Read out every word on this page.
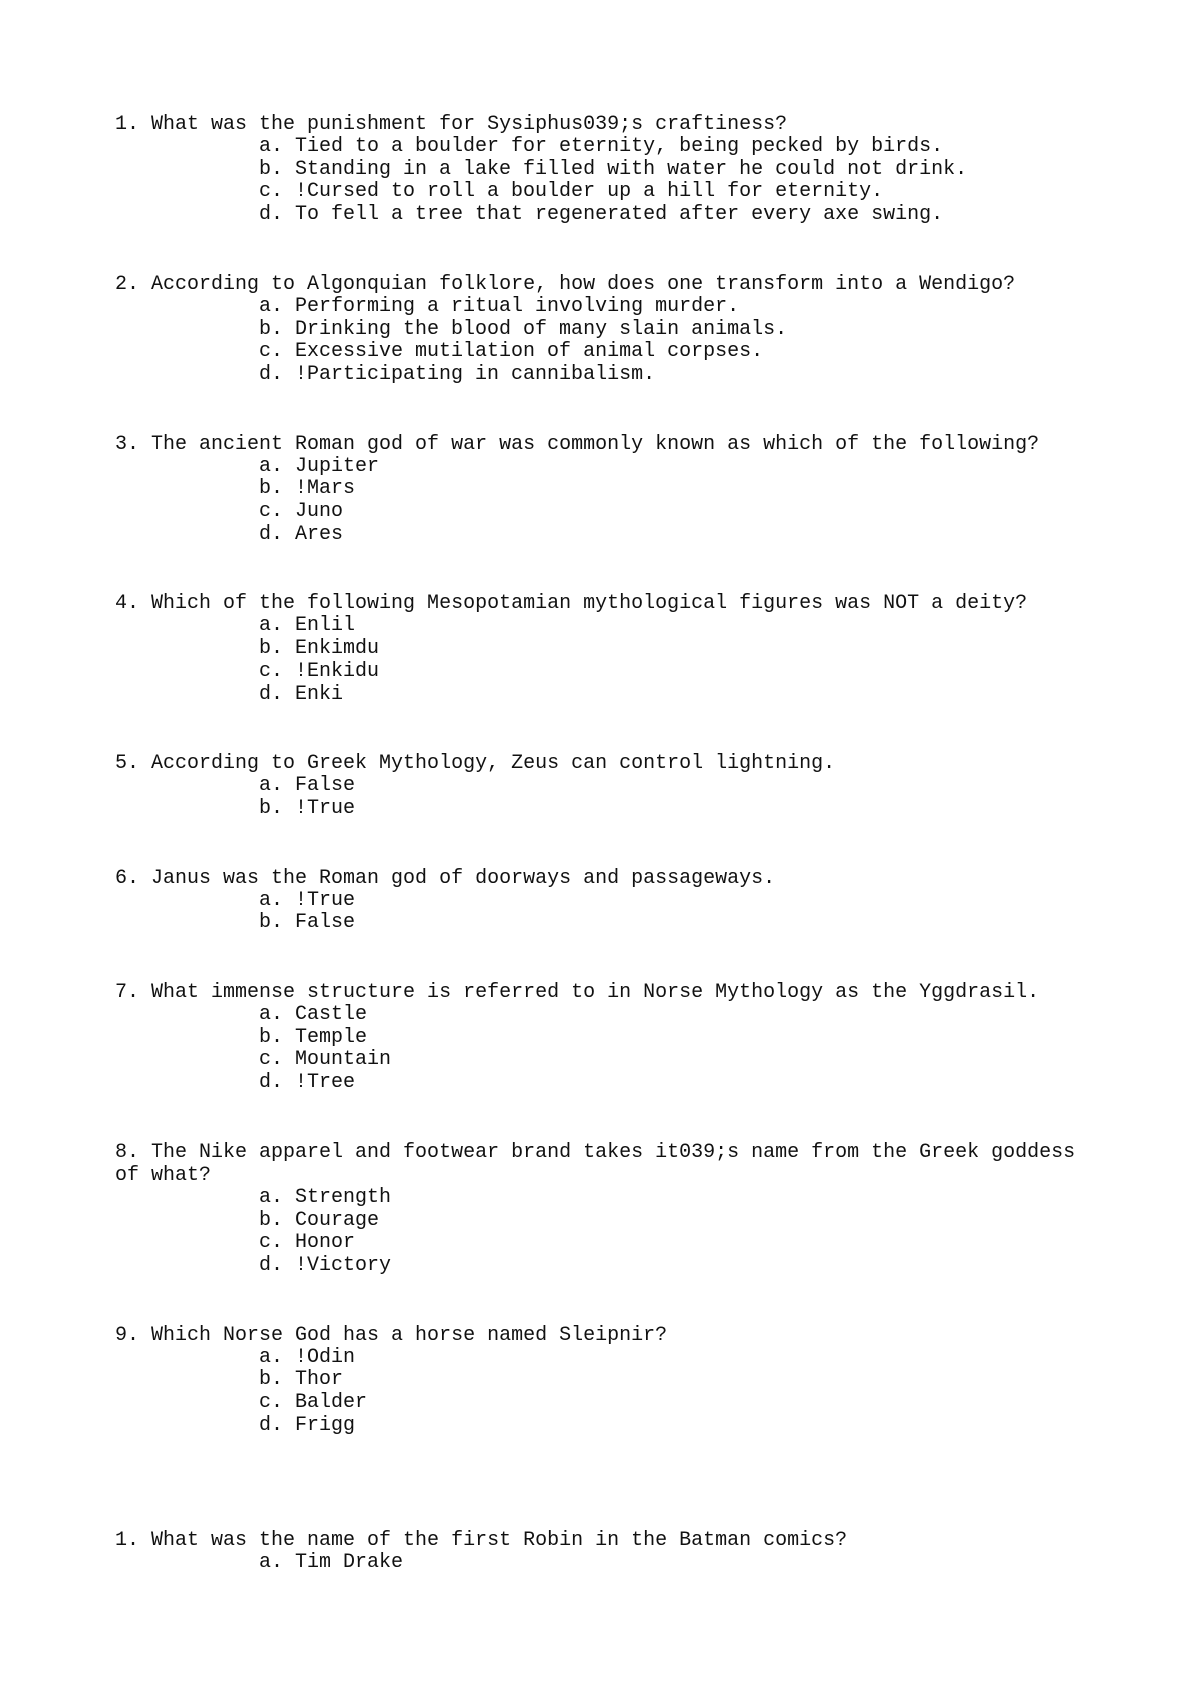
1. What was the punishment for Sysiphus039;s craftiness?
a. Tied to a boulder for eternity, being pecked by birds.
b. Standing in a lake filled with water he could not drink.
c. !Cursed to roll a boulder up a hill for eternity.
d. To fell a tree that regenerated after every axe swing.
2. According to Algonquian folklore, how does one transform into a Wendigo?
a. Performing a ritual involving murder.
b. Drinking the blood of many slain animals.
c. Excessive mutilation of animal corpses.
d. !Participating in cannibalism.
3. The ancient Roman god of war was commonly known as which of the following?
a. Jupiter
b. !Mars
c. Juno
d. Ares
4. Which of the following Mesopotamian mythological figures was NOT a deity?
a. Enlil
b. Enkimdu
c. !Enkidu
d. Enki
5. According to Greek Mythology, Zeus can control lightning.
a. False
b. !True
6. Janus was the Roman god of doorways and passageways.
a. !True
b. False
7. What immense structure is referred to in Norse Mythology as the Yggdrasil.
a. Castle
b. Temple
c. Mountain
d. !Tree
8. The Nike apparel and footwear brand takes it039;s name from the Greek goddess
of what?
a. Strength
b. Courage
c. Honor
d. !Victory
9. Which Norse God has a horse named Sleipnir?
a. !Odin
b. Thor
c. Balder
d. Frigg
1. What was the name of the first Robin in the Batman comics?
a. Tim Drake
